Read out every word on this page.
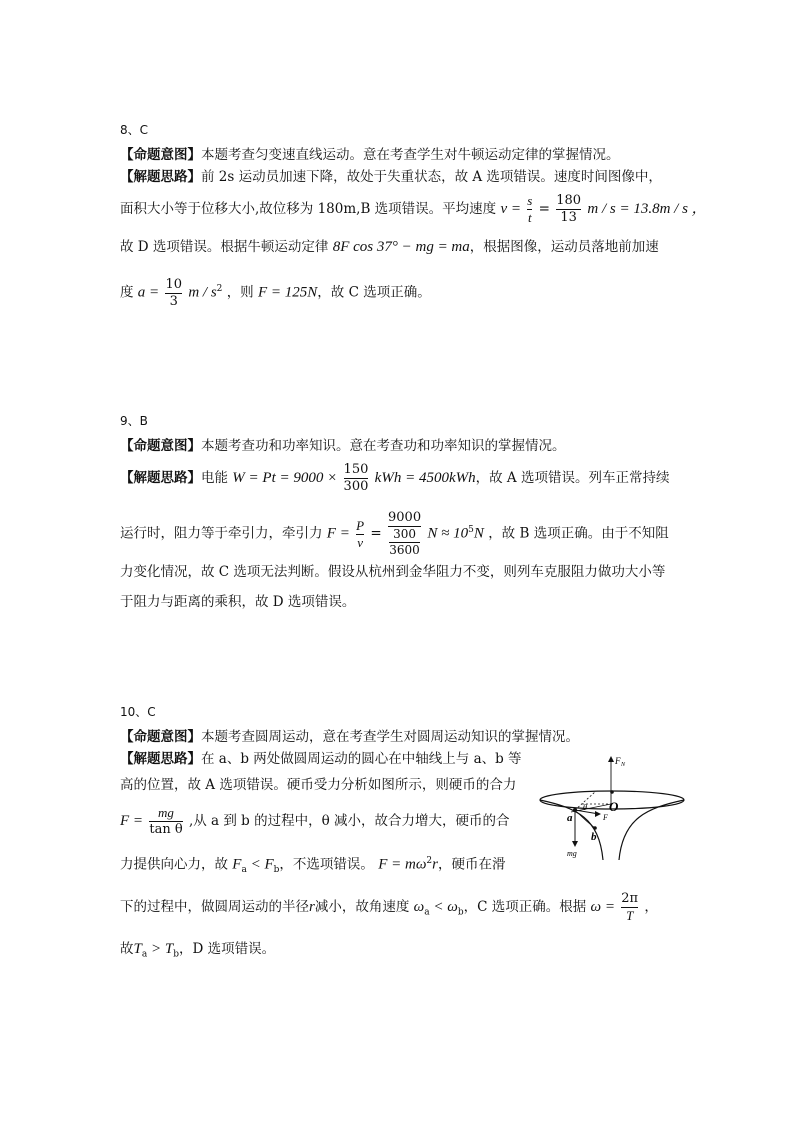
8、C
【命题意图】本题考查匀变速直线运动。意在考查学生对牛顿运动定律的掌握情况。
【解题思路】前 2s 运动员加速下降，故处于失重状态，故 A 选项错误。速度时间图像中，
面积大小等于位移大小,故位移为 180m,B 选项错误。平均速度 $v = \frac{s}{t} = \frac{180}{13}$ m / s = 13.8m / s ，
故 D 选项错误。根据牛顿运动定律 8F cos 37° − mg = ma，根据图像，运动员落地前加速
度 $a = \frac{10}{3}$ m / $s^2$ ，则 F = 125N，故 C 选项正确。
9、B
【命题意图】本题考查功和功率知识。意在考查功和功率知识的掌握情况。
【解题思路】电能 $W = Pt = 9000 \times \frac{150}{300}$ kWh = 4500kWh，故 A 选项错误。列车正常持续
运行时，阻力等于牵引力，牵引力 $F = \frac{P}{v} = \frac{9000}{\frac{300}{3600}}$ $N \approx 10^5N$ ，故 B 选项正确。由于不知阻
力变化情况，故 C 选项无法判断。假设从杭州到金华阻力不变，则列车克服阻力做功大小等
于阻力与距离的乘积，故 D 选项错误。
10、C
【命题意图】本题考查圆周运动，意在考查学生对圆周运动知识的掌握情况。
【解题思路】在 a、b 两处做圆周运动的圆心在中轴线上与 a、b 等
高的位置，故 A 选项错误。硬币受力分析如图所示，则硬币的合力
$F = \frac{mg}{\text{tan θ}}$ ,从 a 到 b 的过程中，θ 减小，故合力增大，硬币的合
力提供向心力，故 $F_a < F_b$，不选项错误。 $F = m\omega^2r$，硬币在滑
下的过程中，做圆周运动的半径r减小，故角速度 $\omega_a < \omega_b$，C 选项正确。根据 $\omega = \frac{2\pi}{T}$ ，
故$T_a > T_b$，D 选项错误。
F N
O
θ
a
mg
F
b
